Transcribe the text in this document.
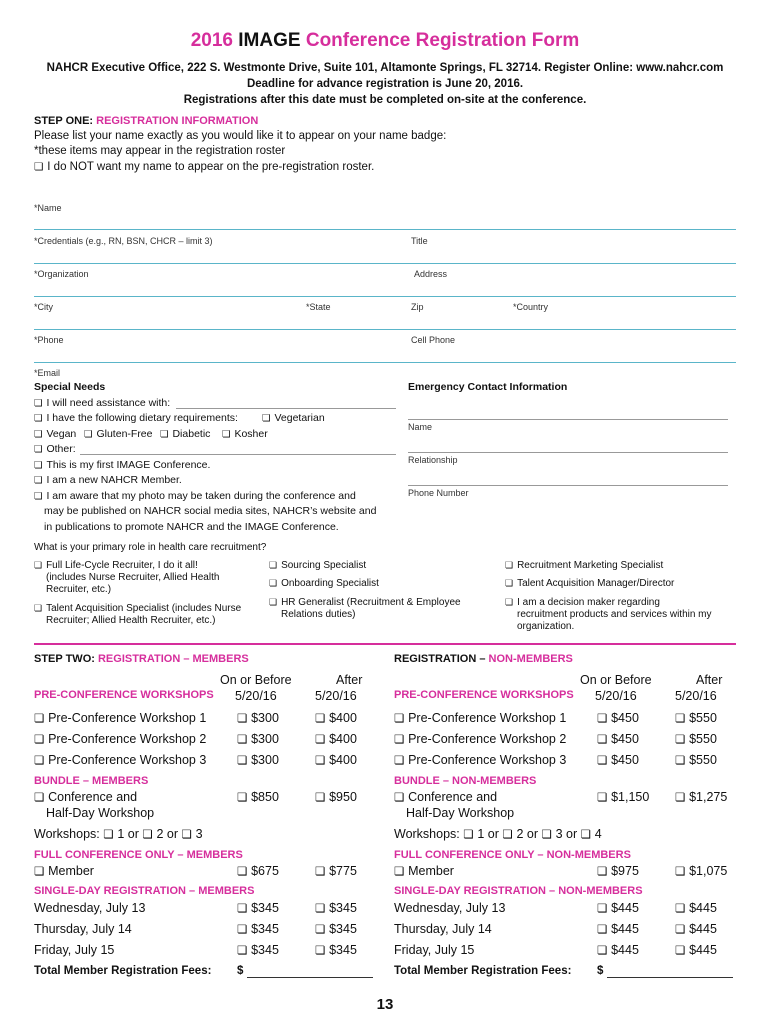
2016 IMAGE Conference Registration Form
NAHCR Executive Office, 222 S. Westmonte Drive, Suite 101, Altamonte Springs, FL 32714. Register Online: www.nahcr.com
Deadline for advance registration is June 20, 2016.
Registrations after this date must be completed on-site at the conference.
STEP ONE: REGISTRATION INFORMATION
Please list your name exactly as you would like it to appear on your name badge:
*these items may appear in the registration roster
❏ I do NOT want my name to appear on the pre-registration roster.
*Name
*Credentials (e.g., RN, BSN, CHCR – limit 3)	Title
*Organization	Address
*City	*State	Zip	*Country
*Phone	Cell Phone
*Email
Special Needs
❏ I will need assistance with:
❏ I have the following dietary requirements:	❏ Vegetarian
❏ Vegan	❏ Gluten-Free	❏ Diabetic	❏ Kosher
❏ Other:
❏ This is my first IMAGE Conference.
❏ I am a new NAHCR Member.
❏ I am aware that my photo may be taken during the conference and
may be published on NAHCR social media sites, NAHCR’s website and
in publications to promote NAHCR and the IMAGE Conference.
Emergency Contact Information
Name
Relationship
Phone Number
What is your primary role in health care recruitment?
❏ Full Life-Cycle Recruiter, I do it all!
(includes Nurse Recruiter, Allied Health
Recruiter, etc.)
❏ Talent Acquisition Specialist (includes Nurse
Recruiter; Allied Health Recruiter, etc.)
❏ Sourcing Specialist
❏ Onboarding Specialist
❏ HR Generalist (Recruitment & Employee
Relations duties)
❏ Recruitment Marketing Specialist
❏ Talent Acquisition Manager/Director
❏ I am a decision maker regarding
recruitment products and services within my
organization.
STEP TWO: REGISTRATION – MEMBERS
On or Before	After
PRE-CONFERENCE WORKSHOPS 5/20/16	5/20/16
❏ Pre-Conference Workshop 1	❏ $300	❏ $400
❏ Pre-Conference Workshop 2	❏ $300	❏ $400
❏ Pre-Conference Workshop 3	❏ $300	❏ $400
BUNDLE – MEMBERS
❏ Conference and
Half-Day Workshop
❏ $850	❏ $950
Workshops: ❏ 1 or ❏ 2 or ❏ 3
FULL CONFERENCE ONLY – MEMBERS
❏ Member	❏ $675	❏ $775
SINGLE-DAY REGISTRATION – MEMBERS
Wednesday, July 13	❏ $345	❏ $345
Thursday, July 14	❏ $345	❏ $345
Friday, July 15	❏ $345	❏ $345
Total Member Registration Fees: $
REGISTRATION – NON-MEMBERS
On or Before	After
PRE-CONFERENCE WORKSHOPS 5/20/16	5/20/16
❏ Pre-Conference Workshop 1	❏ $450	❏ $550
❏ Pre-Conference Workshop 2	❏ $450	❏ $550
❏ Pre-Conference Workshop 3	❏ $450	❏ $550
BUNDLE – NON-MEMBERS
❏ Conference and
Half-Day Workshop
❏ $1,150	❏ $1,275
Workshops: ❏ 1 or ❏ 2 or ❏ 3 or ❏ 4
FULL CONFERENCE ONLY – NON-MEMBERS
❏ Member	❏ $975	❏ $1,075
SINGLE-DAY REGISTRATION – NON-MEMBERS
Wednesday, July 13	❏ $445	❏ $445
Thursday, July 14	❏ $445	❏ $445
Friday, July 15	❏ $445	❏ $445
Total Member Registration Fees: $
13
